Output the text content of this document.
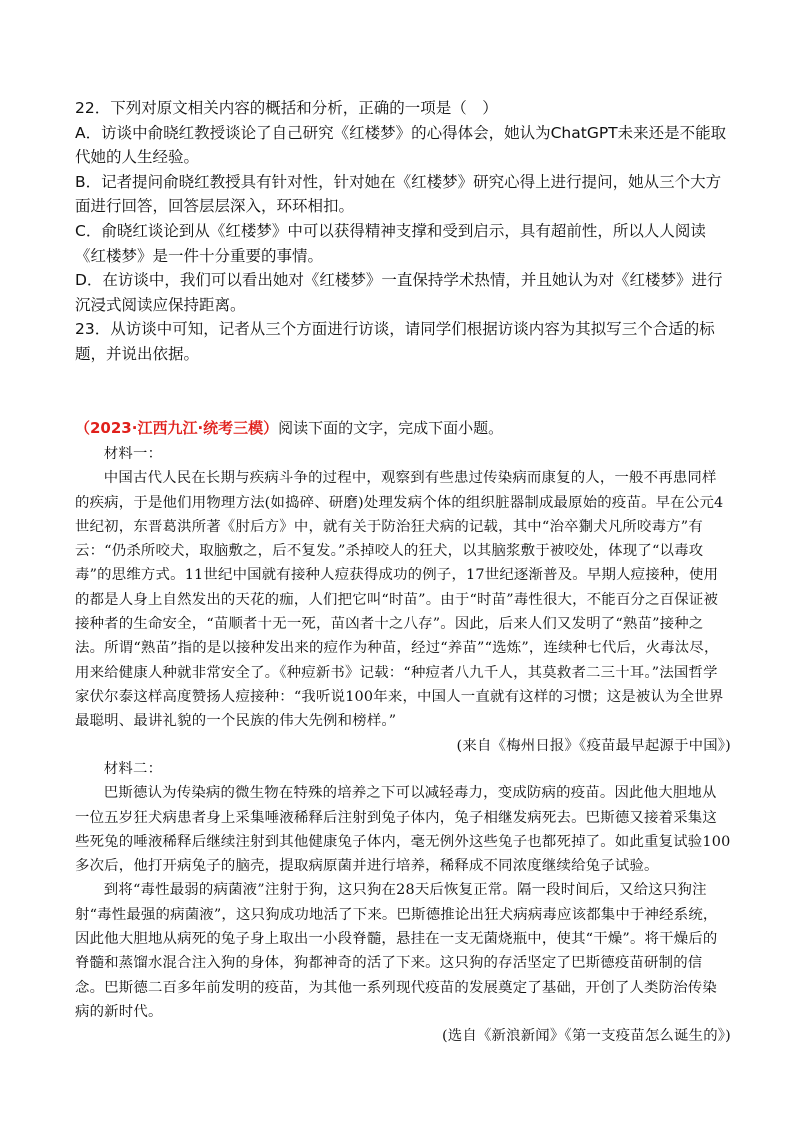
22．下列对原文相关内容的概括和分析，正确的一项是（　）

A．访谈中俞晓红教授谈论了自己研究《红楼梦》的心得体会，她认为ChatGPT未来还是不能取代她的人生经验。

B．记者提问俞晓红教授具有针对性，针对她在《红楼梦》研究心得上进行提问，她从三个大方面进行回答，回答层层深入，环环相扣。

C．俞晓红谈论到从《红楼梦》中可以获得精神支撑和受到启示，具有超前性，所以人人阅读《红楼梦》是一件十分重要的事情。

D．在访谈中，我们可以看出她对《红楼梦》一直保持学术热情，并且她认为对《红楼梦》进行沉浸式阅读应保持距离。

23．从访谈中可知，记者从三个方面进行访谈，请同学们根据访谈内容为其拟写三个合适的标题，并说出依据。

（2023·江西九江·统考三模）阅读下面的文字，完成下面小题。

材料一：

中国古代人民在长期与疾病斗争的过程中，观察到有些患过传染病而康复的人，一般不再患同样的疾病，于是他们用物理方法(如捣碎、研磨)处理发病个体的组织脏器制成最原始的疫苗。早在公元4世纪初，东晋葛洪所著《肘后方》中，就有关于防治狂犬病的记载，其中“治卒猘犬凡所咬毒方”有云：“仍杀所咬犬，取脑敷之，后不复发。”杀掉咬人的狂犬，以其脑浆敷于被咬处，体现了“以毒攻毒”的思维方式。11世纪中国就有接种人痘获得成功的例子，17世纪逐渐普及。早期人痘接种，使用的都是人身上自然发出的天花的痂，人们把它叫“时苗”。由于“时苗”毒性很大，不能百分之百保证被接种者的生命安全，“苗顺者十无一死，苗凶者十之八存”。因此，后来人们又发明了“熟苗”接种之法。所谓“熟苗”指的是以接种发出来的痘作为种苗，经过“养苗”“选炼”，连续种七代后，火毒汰尽，用来给健康人种就非常安全了。《种痘新书》记载：“种痘者八九千人，其莫救者二三十耳。”法国哲学家伏尔泰这样高度赞扬人痘接种：“我听说100年来，中国人一直就有这样的习惯；这是被认为全世界最聪明、最讲礼貌的一个民族的伟大先例和榜样。”

(来自《梅州日报》《疫苗最早起源于中国》)

材料二：

巴斯德认为传染病的微生物在特殊的培养之下可以减轻毒力，变成防病的疫苗。因此他大胆地从一位五岁狂犬病患者身上采集唾液稀释后注射到兔子体内，兔子相继发病死去。巴斯德又接着采集这些死兔的唾液稀释后继续注射到其他健康兔子体内，毫无例外这些兔子也都死掉了。如此重复试验100多次后，他打开病兔子的脑壳，提取病原菌并进行培养，稀释成不同浓度继续给兔子试验。

到将“毒性最弱的病菌液”注射于狗，这只狗在28天后恢复正常。隔一段时间后，又给这只狗注射“毒性最强的病菌液”，这只狗成功地活了下来。巴斯德推论出狂犬病病毒应该都集中于神经系统，因此他大胆地从病死的兔子身上取出一小段脊髓，悬挂在一支无菌烧瓶中，使其“干燥”。将干燥后的脊髓和蒸馏水混合注入狗的身体，狗都神奇的活了下来。这只狗的存活坚定了巴斯德疫苗研制的信念。巴斯德二百多年前发明的疫苗，为其他一系列现代疫苗的发展奠定了基础，开创了人类防治传染病的新时代。

(选自《新浪新闻》《第一支疫苗怎么诞生的》)
